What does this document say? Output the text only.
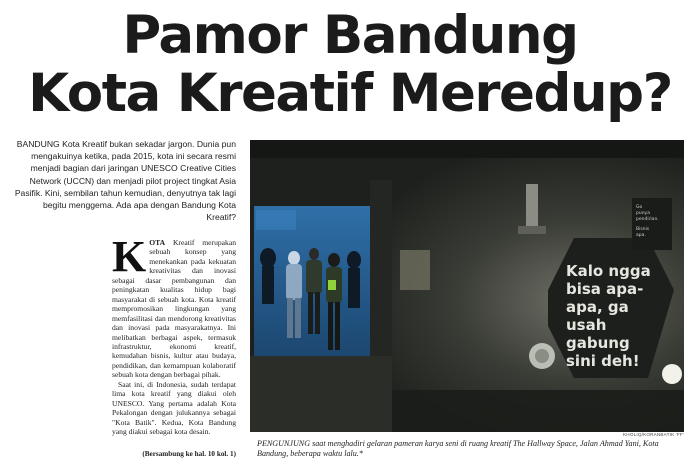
Pamor Bandung
Kota Kreatif Meredup?

BANDUNG Kota Kreatif bukan sekadar jargon. Dunia pun mengakuinya ketika, pada 2015, kota ini secara resmi menjadi bagian dari jaringan UNESCO Creative Cities Network (UCCN) dan menjadi pilot project tingkat Asia Pasifik. Kini, sembilan tahun kemudian, denyutnya tak lagi begitu menggema. Ada apa dengan Bandung Kota Kreatif?

KOTA Kreatif merupakan sebuah konsep yang menekankan pada kekuatan kreativitas dan inovasi sebagai dasar pembangunan dan peningkatan kualitas hidup bagi masyarakat di sebuah kota. Kota kreatif mempromosikan lingkungan yang memfasilitasi dan mendorong kreativitas dan inovasi pada masyarakatnya. Ini melibatkan berbagai aspek, termasuk infrastruktur, ekonomi kreatif, kemudahan bisnis, kultur atau budaya, pendidikan, dan kemampuan kolaboratif sebuah kota dengan berbagai pihak.

Saat ini, di Indonesia, sudah terdapat lima kota kreatif yang diakui oleh UNESCO. Yang pertama adalah Kota Pekalongan dengan julukannya sebagai "Kota Batik". Kedua, Kota Bandung yang diakui sebagai kota desain.

(Bersambung ke hal. 10 kol. 1)
Kalo ngga
bisa apa-
apa, ga
usah
gabung
sini deh!
Go
punya
pendirian.
Bisnis
apa.
KHOLIQ/KORANBATIK 'FF'
PENGUNJUNG saat menghadiri gelaran pameran karya seni di ruang kreatif The Hallway Space, Jalan Ahmad Yani, Kota Bandung, beberapa waktu lalu.*
